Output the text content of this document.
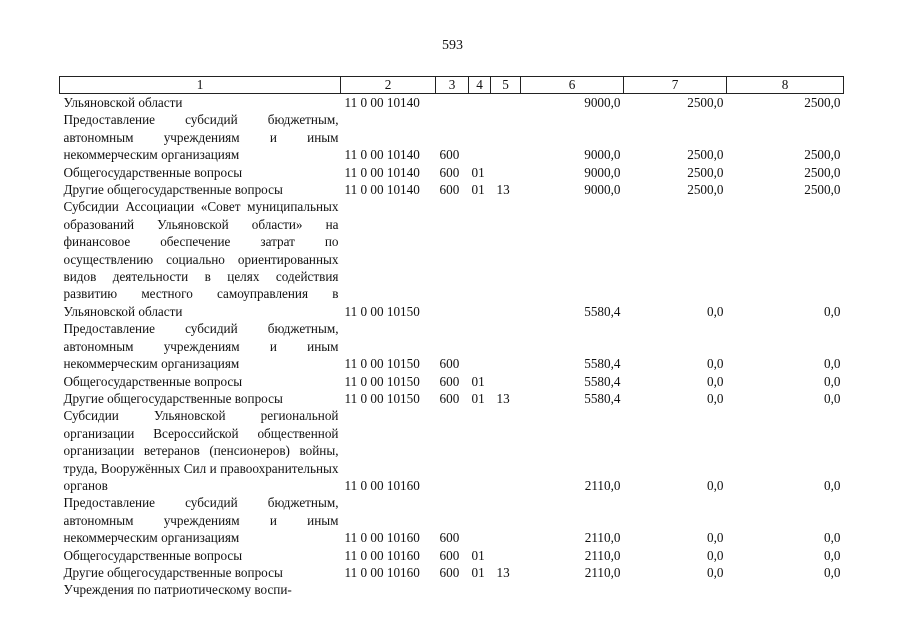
593
1	2	3	4	5	6	7	8
Ульяновской области	11 0 00 10140				9000,0	2500,0	2500,0
Предоставление субсидий бюджетным, автономным учреждениям и иным некоммерческим организациям	11 0 00 10140	600			9000,0	2500,0	2500,0
Общегосударственные вопросы	11 0 00 10140	600	01		9000,0	2500,0	2500,0
Другие общегосударственные вопросы	11 0 00 10140	600	01	13	9000,0	2500,0	2500,0
Субсидии Ассоциации «Совет муниципальных образований Ульяновской области» на финансовое обеспечение затрат по осуществлению социально ориентированных видов деятельности в целях содействия развитию местного самоуправления в Ульяновской области	11 0 00 10150				5580,4	0,0	0,0
Предоставление субсидий бюджетным, автономным учреждениям и иным некоммерческим организациям	11 0 00 10150	600			5580,4	0,0	0,0
Общегосударственные вопросы	11 0 00 10150	600	01		5580,4	0,0	0,0
Другие общегосударственные вопросы	11 0 00 10150	600	01	13	5580,4	0,0	0,0
Субсидии Ульяновской региональной организации Всероссийской общественной организации ветеранов (пенсионеров) войны, труда, Вооружённых Сил и правоохранительных органов	11 0 00 10160				2110,0	0,0	0,0
Предоставление субсидий бюджетным, автономным учреждениям и иным некоммерческим организациям	11 0 00 10160	600			2110,0	0,0	0,0
Общегосударственные вопросы	11 0 00 10160	600	01		2110,0	0,0	0,0
Другие общегосударственные вопросы	11 0 00 10160	600	01	13	2110,0	0,0	0,0
Учреждения по патриотическому воспи-							
